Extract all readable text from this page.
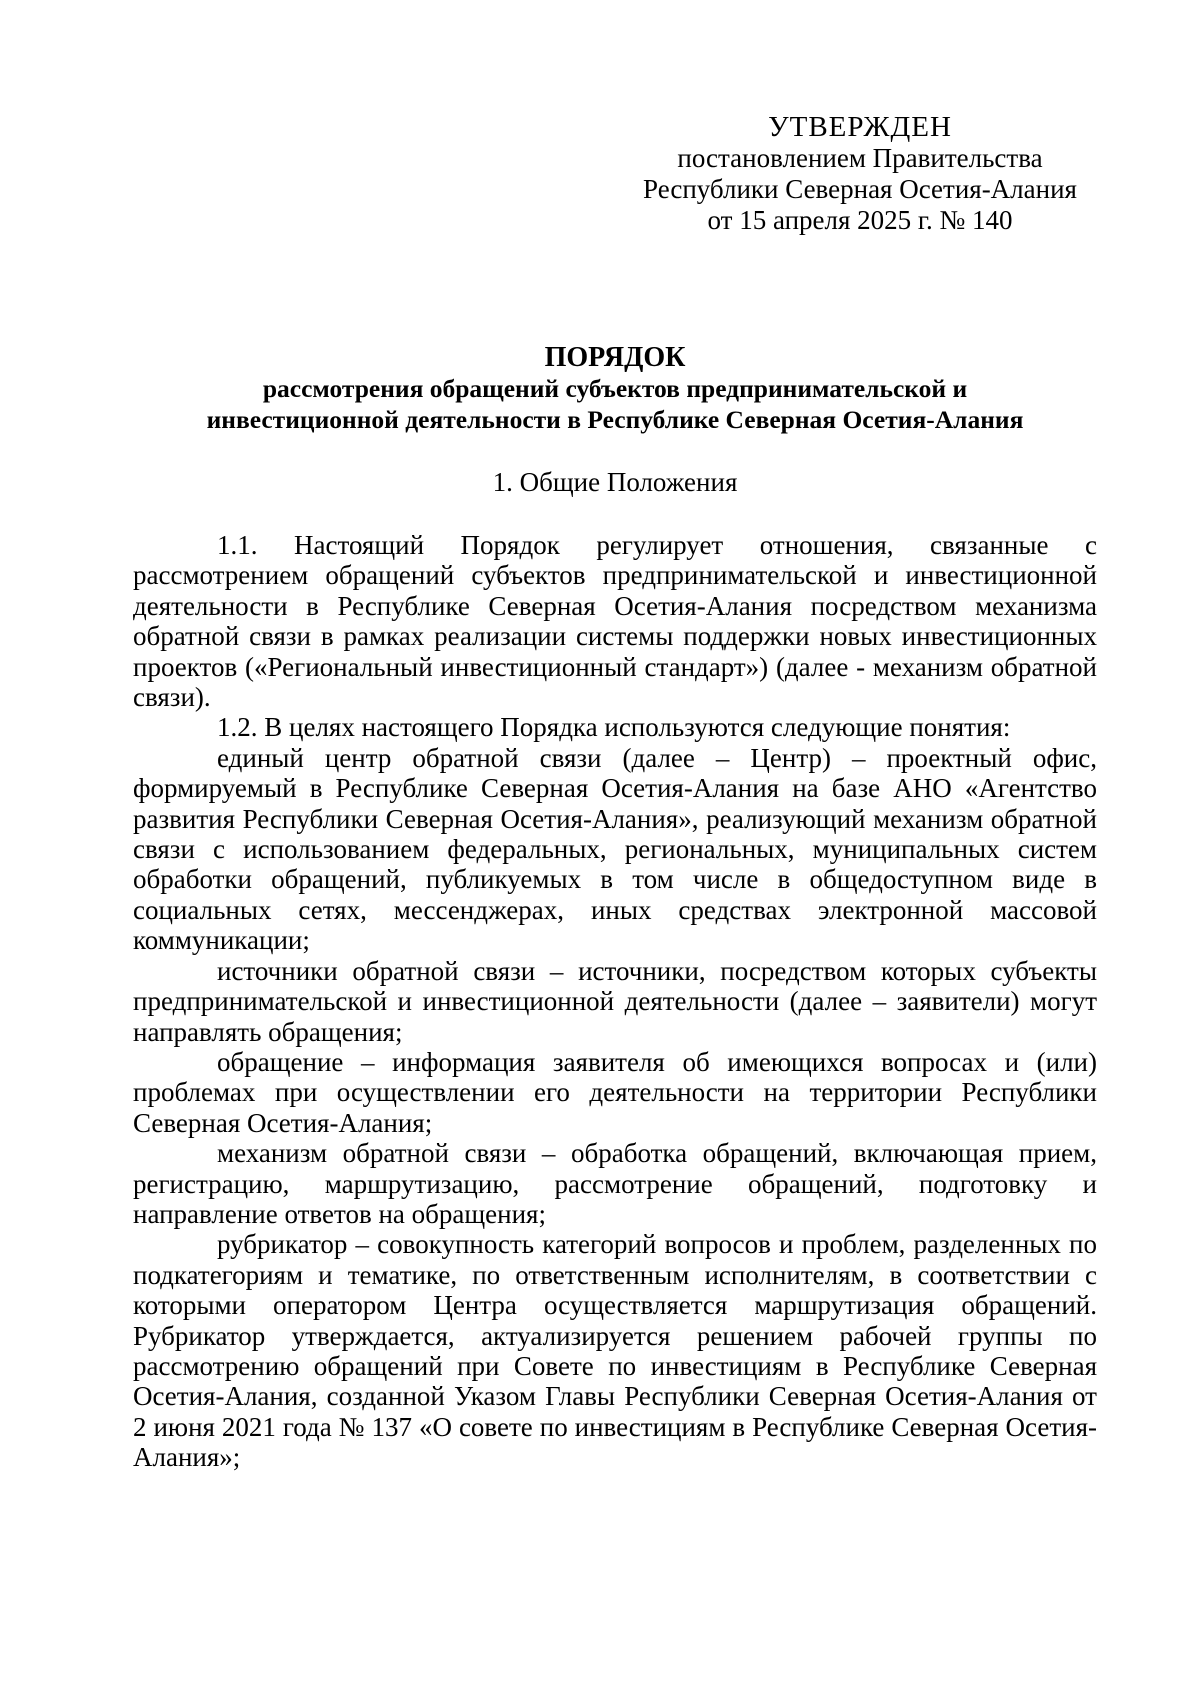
УТВЕРЖДЕН
постановлением Правительства
Республики Северная Осетия-Алания
от 15 апреля 2025 г. № 140
ПОРЯДОК
рассмотрения обращений субъектов предпринимательской и
инвестиционной деятельности в Республике Северная Осетия-Алания
1. Общие Положения

1.1. Настоящий Порядок регулирует отношения, связанные с рассмотрением обращений субъектов предпринимательской и инвестиционной деятельности в Республике Северная Осетия-Алания посредством механизма обратной связи в рамках реализации системы поддержки новых инвестиционных проектов («Региональный инвестиционный стандарт») (далее - механизм обратной связи).

1.2. В целях настоящего Порядка используются следующие понятия:

единый центр обратной связи (далее – Центр) – проектный офис, формируемый в Республике Северная Осетия-Алания на базе АНО «Агентство развития Республики Северная Осетия-Алания», реализующий механизм обратной связи с использованием федеральных, региональных, муниципальных систем обработки обращений, публикуемых в том числе в общедоступном виде в социальных сетях, мессенджерах, иных средствах электронной массовой коммуникации;

источники обратной связи – источники, посредством которых субъекты предпринимательской и инвестиционной деятельности (далее – заявители) могут направлять обращения;

обращение – информация заявителя об имеющихся вопросах и (или) проблемах при осуществлении его деятельности на территории Республики Северная Осетия-Алания;

механизм обратной связи – обработка обращений, включающая прием, регистрацию, маршрутизацию, рассмотрение обращений, подготовку и направление ответов на обращения;

рубрикатор – совокупность категорий вопросов и проблем, разделенных по подкатегориям и тематике, по ответственным исполнителям, в соответствии с которыми оператором Центра осуществляется маршрутизация обращений. Рубрикатор утверждается, актуализируется решением рабочей группы по рассмотрению обращений при Совете по инвестициям в Республике Северная Осетия-Алания, созданной Указом Главы Республики Северная Осетия-Алания от 2 июня 2021 года № 137 «О совете по инвестициям в Республике Северная Осетия-Алания»;
